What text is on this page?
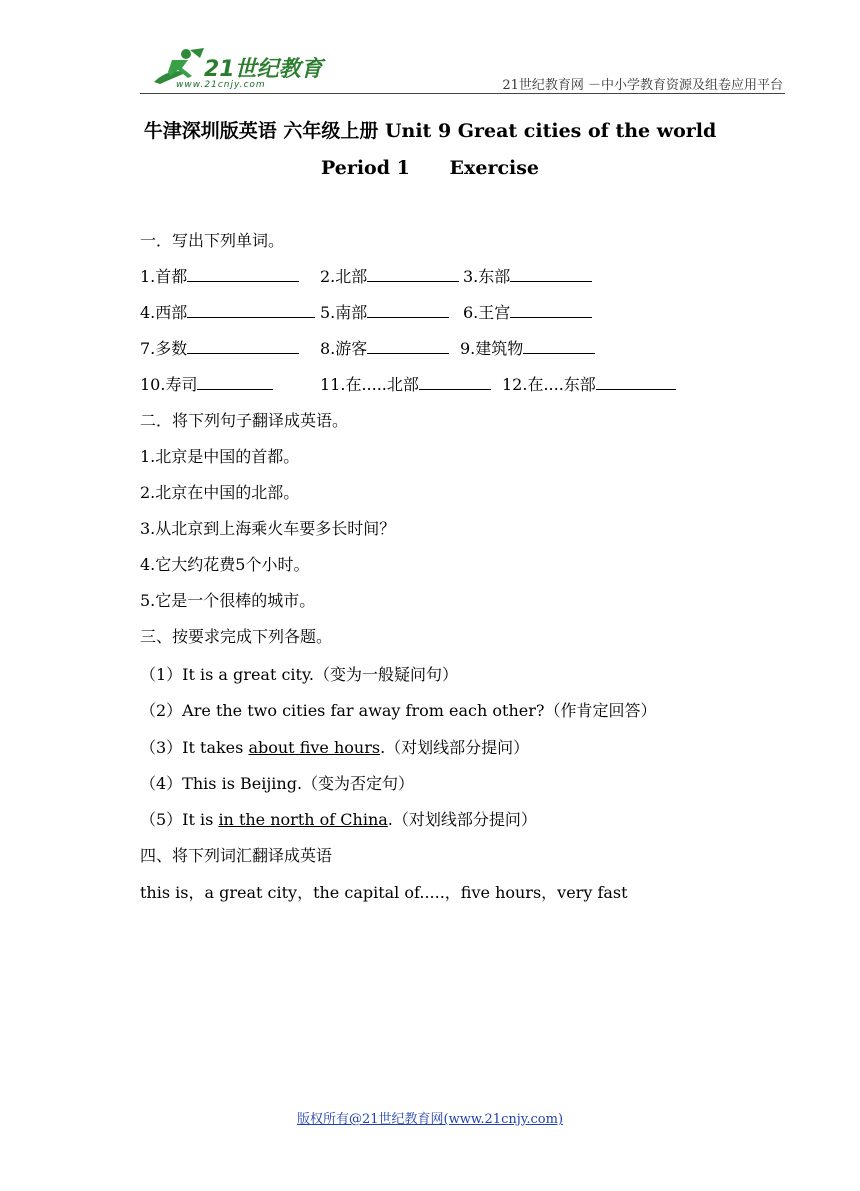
21世纪教育
www.21cnjy.com	21世纪教育网 －中小学教育资源及组卷应用平台
牛津深圳版英语 六年级上册 Unit 9 Great cities of the world
Period 1      Exercise
一．写出下列单词。
1.首都	2.北部	3.东部
4.西部	5.南部	6.王宫
7.多数	8.游客	9.建筑物
10.寿司	11.在.....北部	12.在....东部
二．将下列句子翻译成英语。
1.北京是中国的首都。
2.北京在中国的北部。
3.从北京到上海乘火车要多长时间？
4.它大约花费5个小时。
5.它是一个很棒的城市。
三、按要求完成下列各题。
（1）It is a great city.（变为一般疑问句）
（2）Are the two cities far away from each other?（作肯定回答）
（3）It takes about five hours.（对划线部分提问）
（4）This is Beijing.（变为否定句）
（5）It is in the north of China.（对划线部分提问）
四、将下列词汇翻译成英语
this is，a great city，the capital of.....，five hours，very fast
版权所有@21世纪教育网(www.21cnjy.com)
